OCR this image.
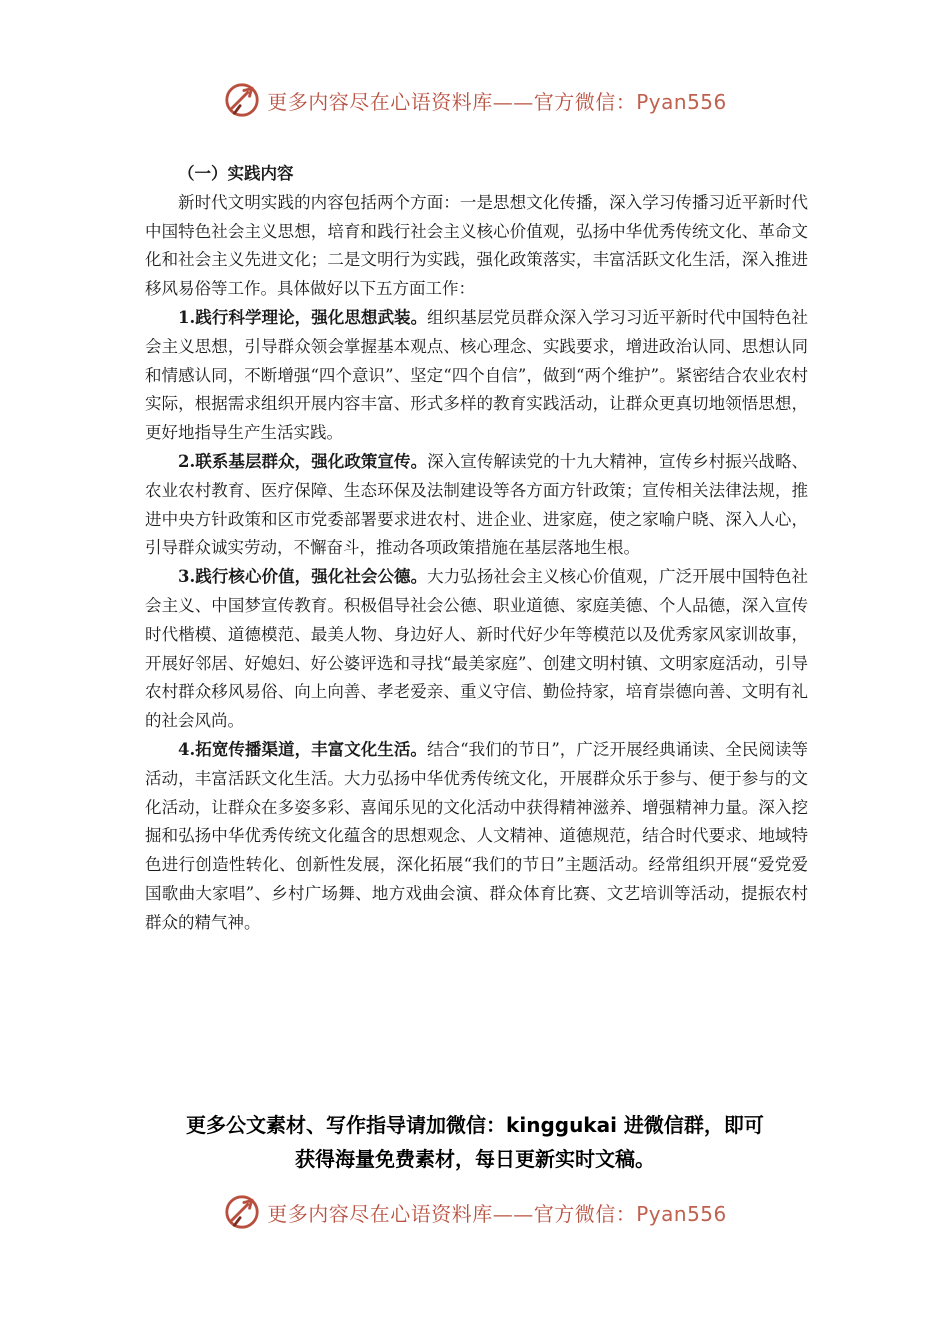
更多内容尽在心语资料库——官方微信：Pyan556

（一）实践内容

新时代文明实践的内容包括两个方面：一是思想文化传播，深入学习传播习近平新时代中国特色社会主义思想，培育和践行社会主义核心价值观，弘扬中华优秀传统文化、革命文化和社会主义先进文化；二是文明行为实践，强化政策落实，丰富活跃文化生活，深入推进移风易俗等工作。具体做好以下五方面工作：

1.践行科学理论，强化思想武装。组织基层党员群众深入学习习近平新时代中国特色社会主义思想，引导群众领会掌握基本观点、核心理念、实践要求，增进政治认同、思想认同和情感认同，不断增强“四个意识”、坚定“四个自信”，做到“两个维护”。紧密结合农业农村实际，根据需求组织开展内容丰富、形式多样的教育实践活动，让群众更真切地领悟思想，更好地指导生产生活实践。

2.联系基层群众，强化政策宣传。深入宣传解读党的十九大精神，宣传乡村振兴战略、农业农村教育、医疗保障、生态环保及法制建设等各方面方针政策；宣传相关法律法规，推进中央方针政策和区市党委部署要求进农村、进企业、进家庭，使之家喻户晓、深入人心，引导群众诚实劳动，不懈奋斗，推动各项政策措施在基层落地生根。

3.践行核心价值，强化社会公德。大力弘扬社会主义核心价值观，广泛开展中国特色社会主义、中国梦宣传教育。积极倡导社会公德、职业道德、家庭美德、个人品德，深入宣传时代楷模、道德模范、最美人物、身边好人、新时代好少年等模范以及优秀家风家训故事，开展好邻居、好媳妇、好公婆评选和寻找“最美家庭”、创建文明村镇、文明家庭活动，引导农村群众移风易俗、向上向善、孝老爱亲、重义守信、勤俭持家，培育崇德向善、文明有礼的社会风尚。

4.拓宽传播渠道，丰富文化生活。结合“我们的节日”，广泛开展经典诵读、全民阅读等活动，丰富活跃文化生活。大力弘扬中华优秀传统文化，开展群众乐于参与、便于参与的文化活动，让群众在多姿多彩、喜闻乐见的文化活动中获得精神滋养、增强精神力量。深入挖掘和弘扬中华优秀传统文化蕴含的思想观念、人文精神、道德规范，结合时代要求、地域特色进行创造性转化、创新性发展，深化拓展“我们的节日”主题活动。经常组织开展“爱党爱国歌曲大家唱”、乡村广场舞、地方戏曲会演、群众体育比赛、文艺培训等活动，提振农村群众的精气神。

更多公文素材、写作指导请加微信：kinggukai 进微信群，即可
获得海量免费素材，每日更新实时文稿。
更多内容尽在心语资料库——官方微信：Pyan556
